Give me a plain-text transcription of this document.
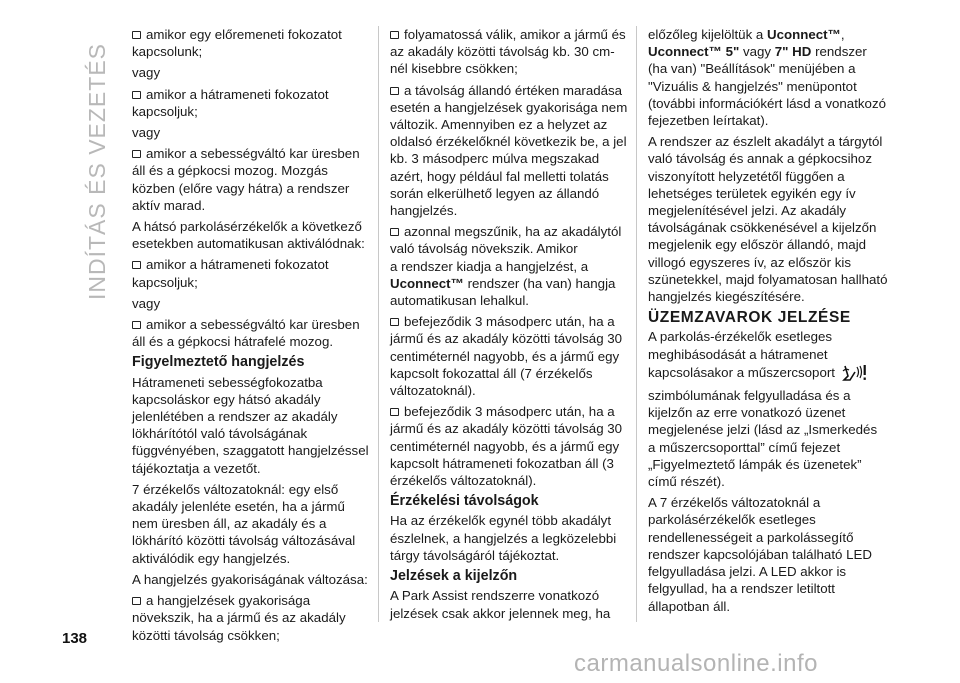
INDÍTÁS ÉS VEZETÉS
138

amikor egy előremeneti fokozatot kapcsolunk;

vagy

amikor a hátrameneti fokozatot kapcsoljuk;

vagy

amikor a sebességváltó kar üresben áll és a gépkocsi mozog. Mozgás közben (előre vagy hátra) a rendszer aktív marad.

A hátsó parkolásérzékelők a következő esetekben automatikusan aktiválódnak:

amikor a hátrameneti fokozatot kapcsoljuk;

vagy

amikor a sebességváltó kar üresben áll és a gépkocsi hátrafelé mozog.

Figyelmeztető hangjelzés

Hátrameneti sebességfokozatba kapcsoláskor egy hátsó akadály jelenlétében a rendszer az akadály lökhárítótól való távolságának függvényében, szaggatott hangjelzéssel tájékoztatja a vezetőt.

7 érzékelős változatoknál: egy első akadály jelenléte esetén, ha a jármű nem üresben áll, az akadály és a lökhárító közötti távolság változásával aktiválódik egy hangjelzés.

A hangjelzés gyakoriságának változása:

a hangjelzések gyakorisága növekszik, ha a jármű és az akadály közötti távolság csökken;

folyamatossá válik, amikor a jármű és az akadály közötti távolság kb. 30 cm-nél kisebbre csökken;

a távolság állandó értéken maradása esetén a hangjelzések gyakorisága nem változik. Amennyiben ez a helyzet az oldalsó érzékelőknél következik be, a jel kb. 3 másodperc múlva megszakad azért, hogy például fal melletti tolatás során elkerülhető legyen az állandó hangjelzés.

azonnal megszűnik, ha az akadálytól való távolság növekszik. Amikor

a rendszer kiadja a hangjelzést, a Uconnect™ rendszer (ha van) hangja automatikusan lehalkul.

befejeződik 3 másodperc után, ha a jármű és az akadály közötti távolság 30 centiméternél nagyobb, és a jármű egy kapcsolt fokozattal áll (7 érzékelős változatoknál).

befejeződik 3 másodperc után, ha a jármű és az akadály közötti távolság 30 centiméternél nagyobb, és a jármű egy kapcsolt hátrameneti fokozatban áll (3 érzékelős változatoknál).

Érzékelési távolságok

Ha az érzékelők egynél több akadályt észlelnek, a hangjelzés a legközelebbi tárgy távolságáról tájékoztat.

Jelzések a kijelzőn

A Park Assist rendszerre vonatkozó jelzések csak akkor jelennek meg, ha

előzőleg kijelöltük a Uconnect™, Uconnect™ 5" vagy 7" HD rendszer (ha van) "Beállítások" menüjében a "Vizuális & hangjelzés" menüpontot (további információkért lásd a vonatkozó fejezetben leírtakat).

A rendszer az észlelt akadályt a tárgytól való távolság és annak a gépkocsihoz viszonyított helyzetétől függően a lehetséges területek egyikén egy ív megjelenítésével jelzi. Az akadály távolságának csökkenésével a kijelzőn megjelenik egy először állandó, majd villogó egyszeres ív, az először kis szünetekkel, majd folyamatosan hallható hangjelzés kiegészítésére.

ÜZEMZAVAROK JELZÉSE

A parkolás-érzékelők esetleges meghibásodását a hátramenet kapcsolásakor a műszercsoport  szimbólumának felgyulladása és a kijelzőn az erre vonatkozó üzenet megjelenése jelzi (lásd az „Ismerkedés a műszercsoporttal” című fejezet „Figyelmeztető lámpák és üzenetek” című részét).

A 7 érzékelős változatoknál a parkolásérzékelők esetleges rendellenességeit a parkolássegítő rendszer kapcsolójában található LED felgyulladása jelzi. A LED akkor is felgyullad, ha a rendszer letiltott állapotban áll.

carmanualsonline.info
